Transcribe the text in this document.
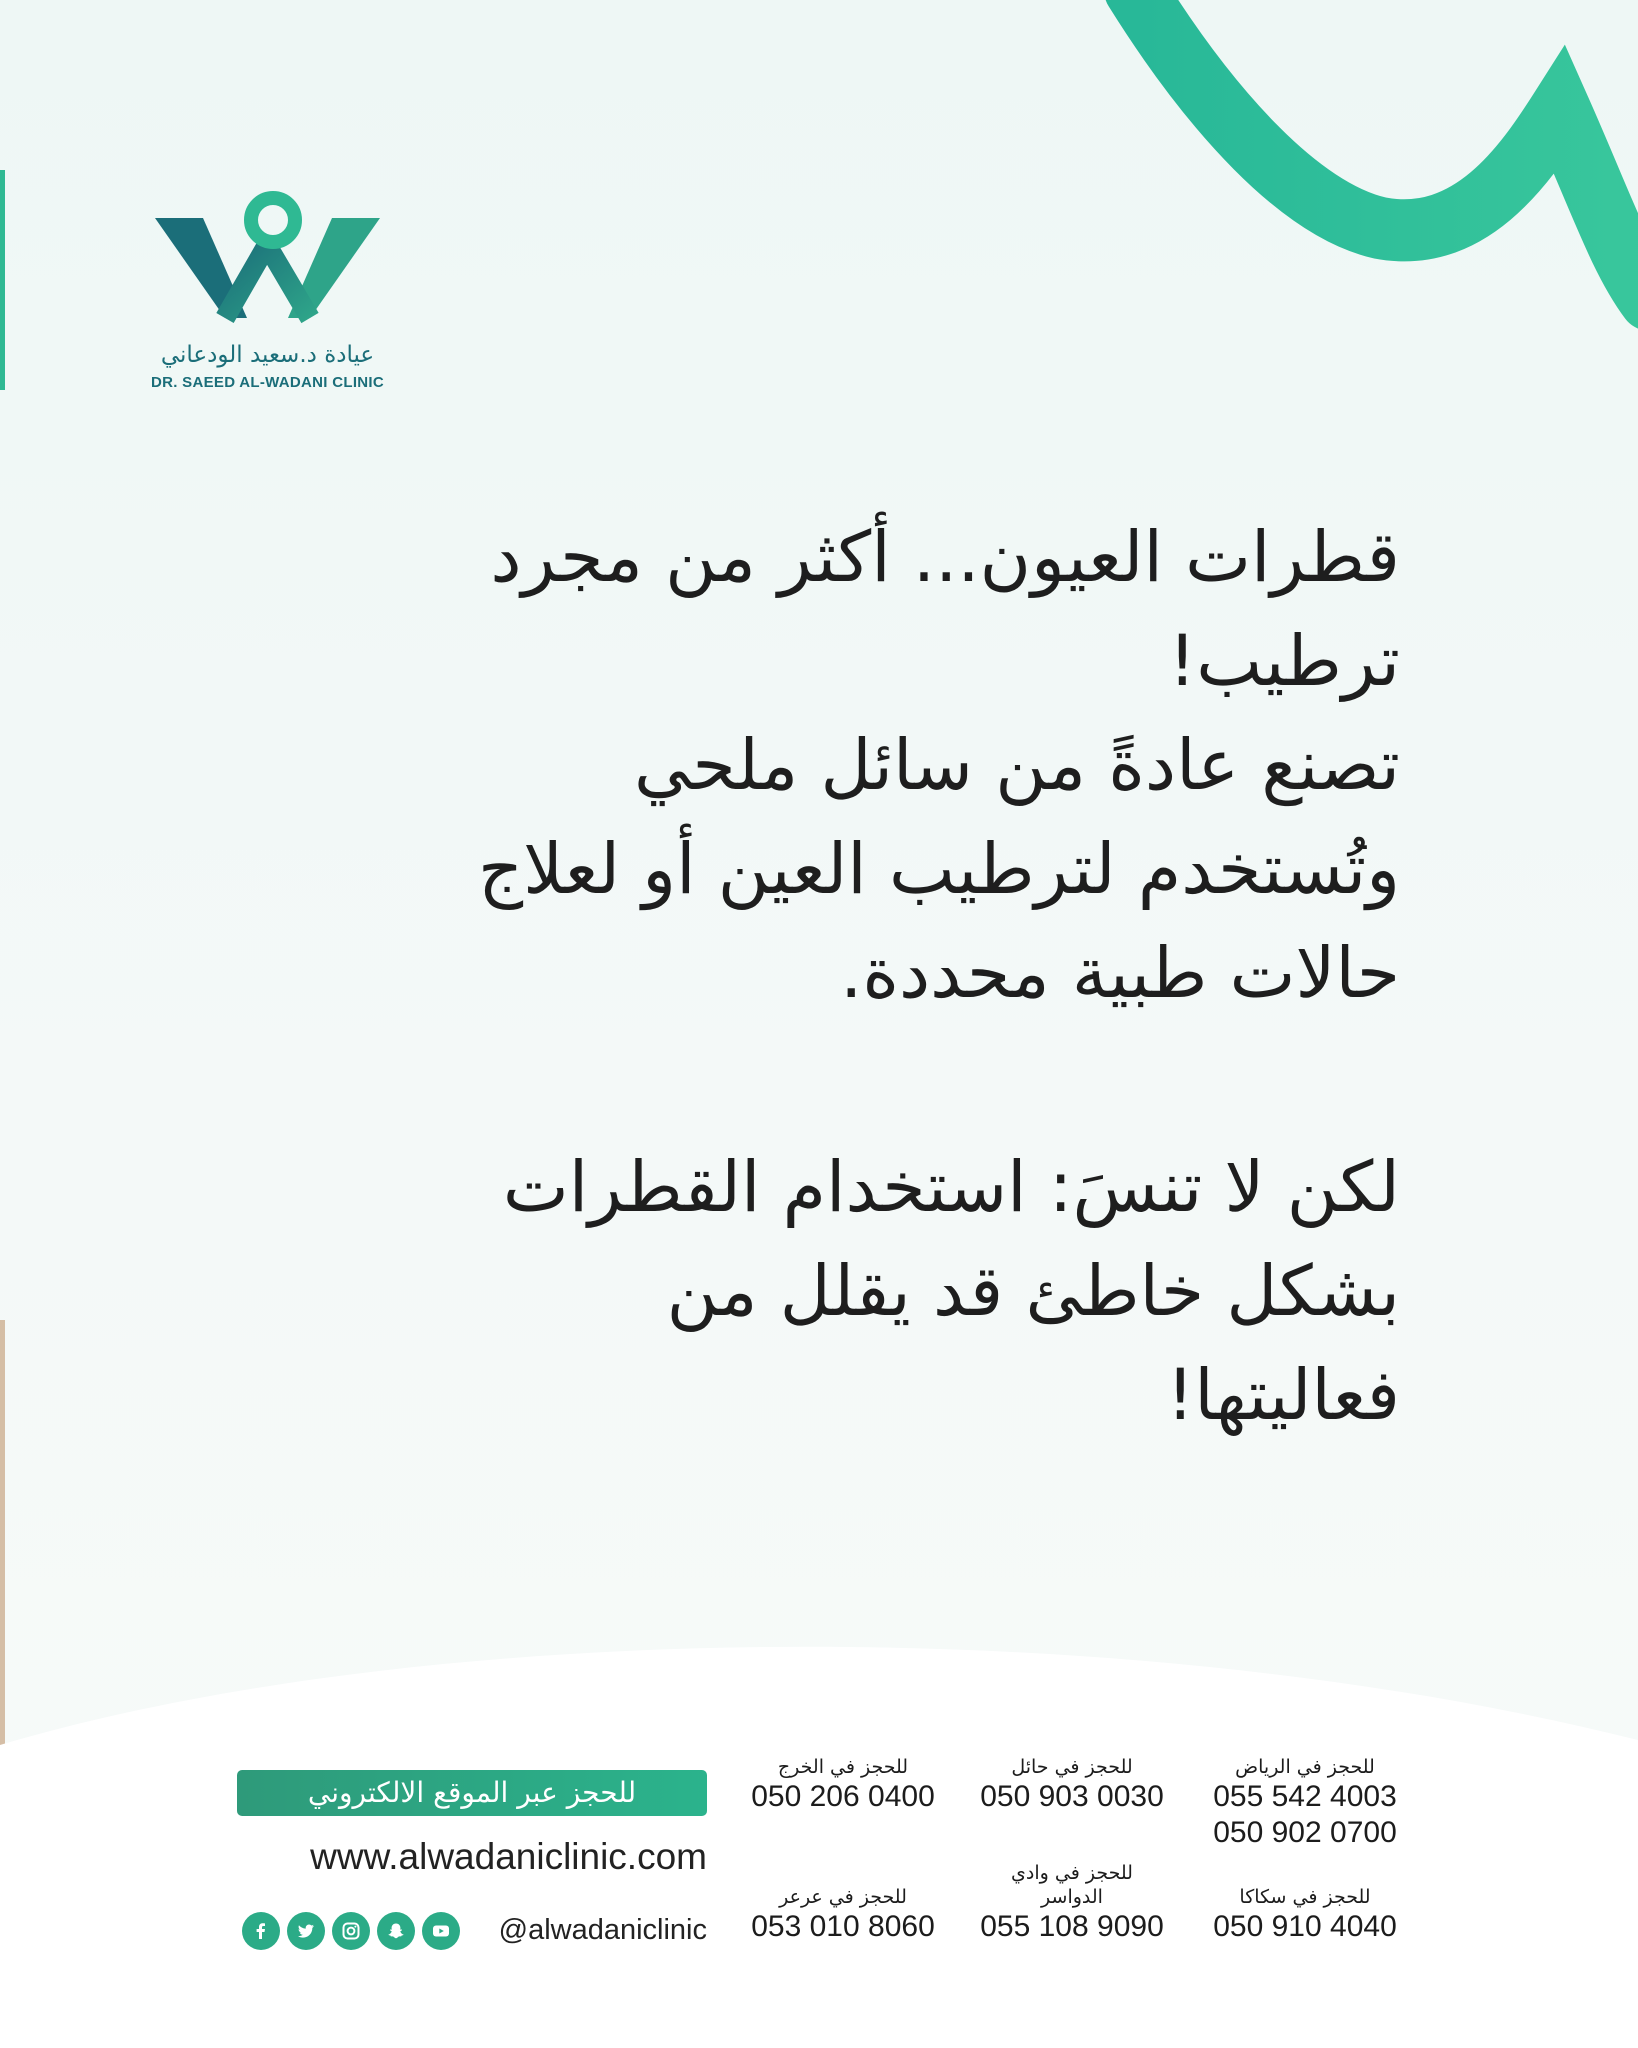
عيادة د.سعيد الودعاني
DR. SAEED AL-WADANI CLINIC
قطرات العيون... أكثر من مجرد
ترطيب!
تصنع عادةً من سائل ملحي
وتُستخدم لترطيب العين أو لعلاج
حالات طبية محددة.
لكن لا تنسَ: استخدام القطرات
بشكل خاطئ قد يقلل من
فعاليتها!
للحجز عبر الموقع الالكتروني
www.alwadaniclinic.com
@alwadaniclinic
للحجز في الرياض
055 542 4003
050 902 0700
للحجز في حائل
050 903 0030
للحجز في الخرج
050 206 0400
للحجز في سكاكا
050 910 4040
للحجز في وادي الدواسر
055 108 9090
للحجز في عرعر
053 010 8060
